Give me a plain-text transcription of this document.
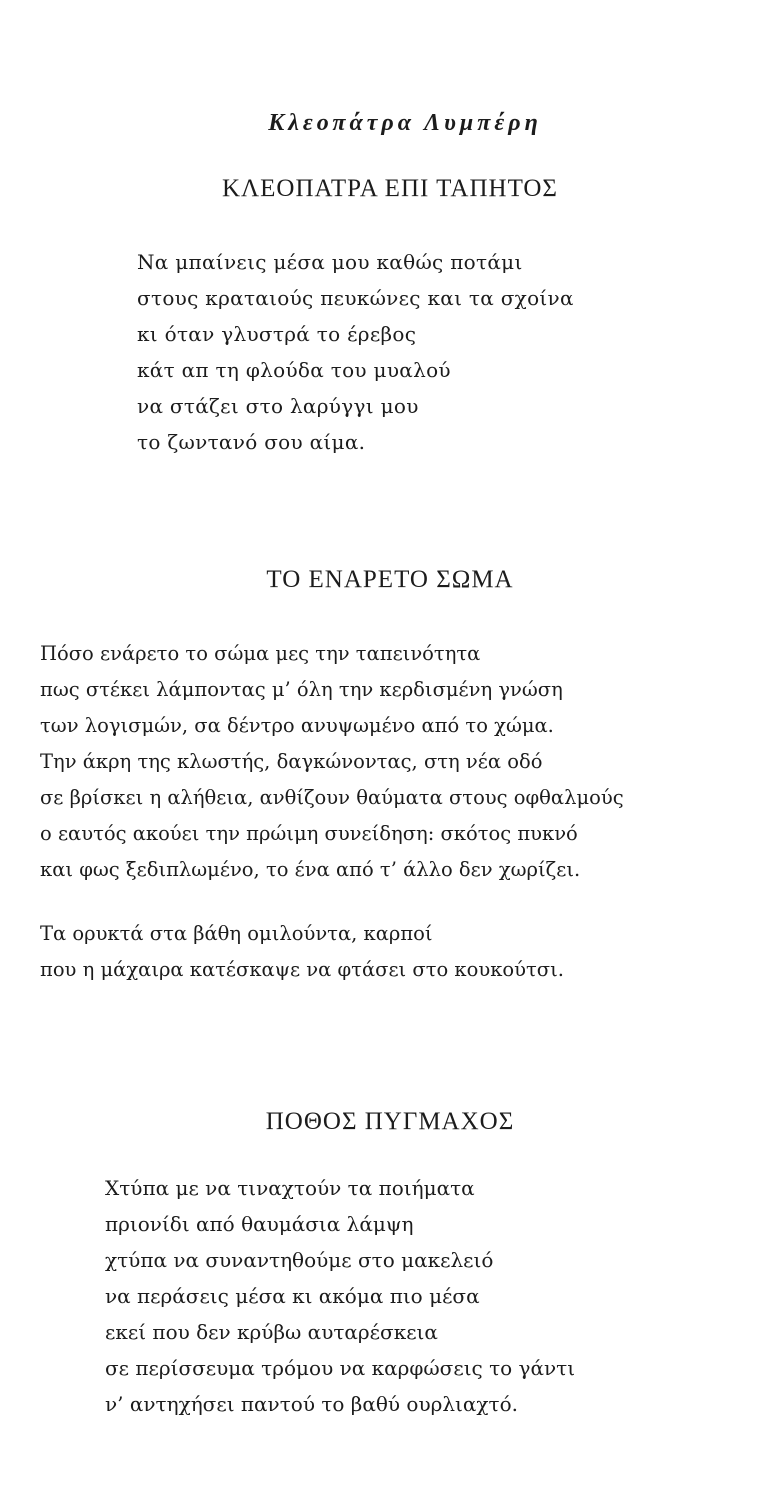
Κλεοπάτρα Λυμπέρη
ΚΛΕΟΠΑΤΡΑ ΕΠΙ ΤΑΠΗΤΟΣ
Να μπαίνεις μέσα μου καθώς ποτάμι
στους κραταιούς πευκώνες και τα σχοίνα
κι όταν γλυστρά το έρεβος
κάτ απ τη φλούδα του μυαλού
να στάζει στο λαρύγγι μου
το ζωντανό σου αίμα.
ΤΟ ΕΝΑΡΕΤΟ ΣΩΜΑ
Πόσο ενάρετο το σώμα μες την ταπεινότητα
πως στέκει λάμποντας μ’ όλη την κερδισμένη γνώση
των λογισμών, σα δέντρο ανυψωμένο από το χώμα.
Την άκρη της κλωστής, δαγκώνοντας, στη νέα οδό
σε βρίσκει η αλήθεια, ανθίζουν θαύματα στους οφθαλμούς
ο εαυτός ακούει την πρώιμη συνείδηση: σκότος πυκνό
και φως ξεδιπλωμένο, το ένα από τ’ άλλο δεν χωρίζει.
Τα ορυκτά στα βάθη ομιλούντα, καρποί
που η μάχαιρα κατέσκαψε να φτάσει στο κουκούτσι.
ΠΟΘΟΣ ΠΥΓΜΑΧΟΣ
Χτύπα με να τιναχτούν τα ποιήματα
πριονίδι από θαυμάσια λάμψη
χτύπα να συναντηθούμε στο μακελειό
να περάσεις μέσα κι ακόμα πιο μέσα
εκεί που δεν κρύβω αυταρέσκεια
σε περίσσευμα τρόμου να καρφώσεις το γάντι
ν’ αντηχήσει παντού το βαθύ ουρλιαχτό.
